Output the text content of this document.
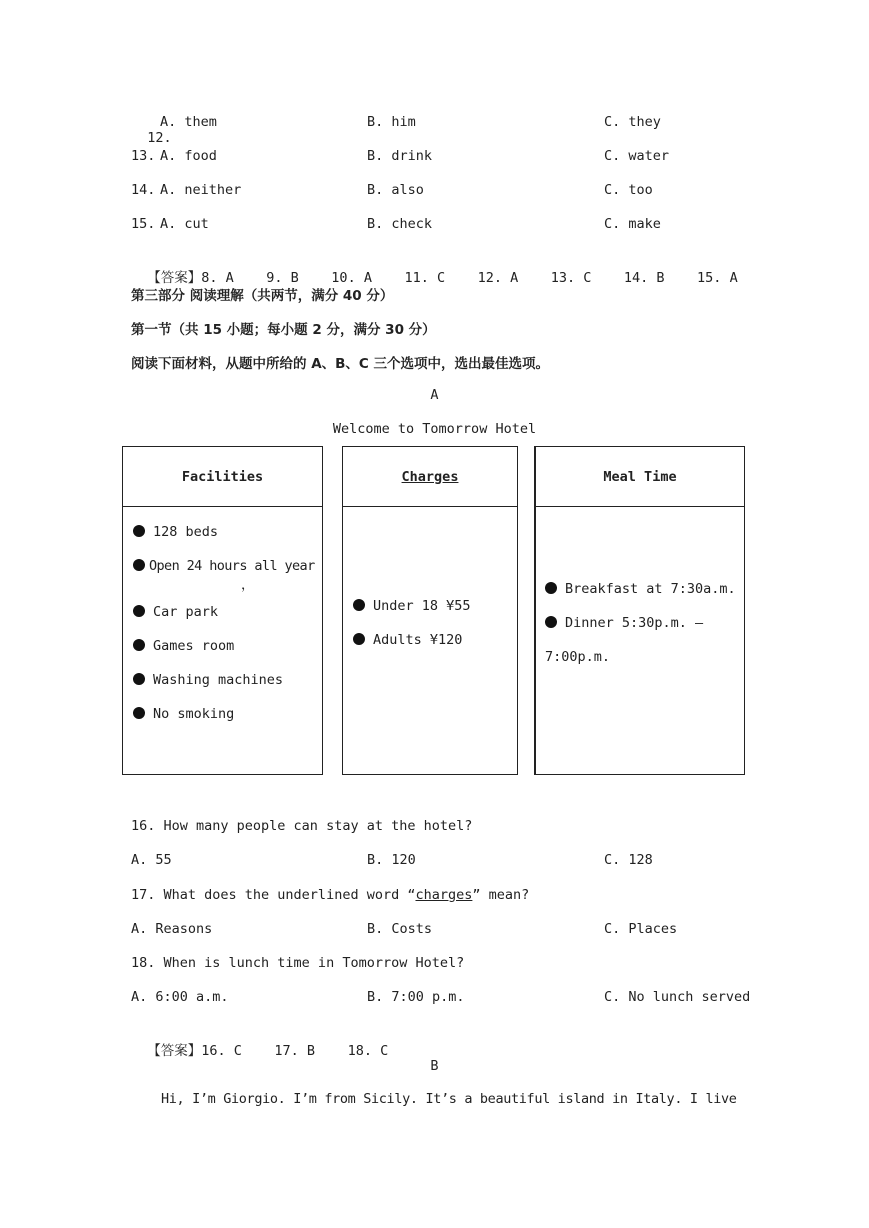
12.
A. them	B. him	C. they
13. A. food	B. drink	C. water
14. A. neither	B. also	C. too
15. A. cut	B. check	C. make

【答案】8. A    9. B    10. A    11. C    12. A    13. C    14. B    15. A

第三部分 阅读理解（共两节，满分 40 分）
第一节（共 15 小题；每小题 2 分，满分 30 分）
阅读下面材料，从题中所给的 A、B、C 三个选项中，选出最佳选项。
A
Welcome to Tomorrow Hotel
Facilities
128 beds
Open 24 hours all year
，
Car park
Games room
Washing machines
No smoking
Charges
Under 18 ¥55
Adults ¥120
Meal Time
Breakfast at 7:30a.m.
Dinner 5:30p.m. —
7:00p.m.
16. How many people can stay at the hotel?
A. 55	B. 120	C. 128
17. What does the underlined word “charges” mean?
A. Reasons	B. Costs	C. Places
18. When is lunch time in Tomorrow Hotel?
A. 6:00 a.m.	B. 7:00 p.m.	C. No lunch served

【答案】16. C    17. B    18. C

B
Hi, I’m Giorgio. I’m from Sicily. It’s a beautiful island in Italy. I live
